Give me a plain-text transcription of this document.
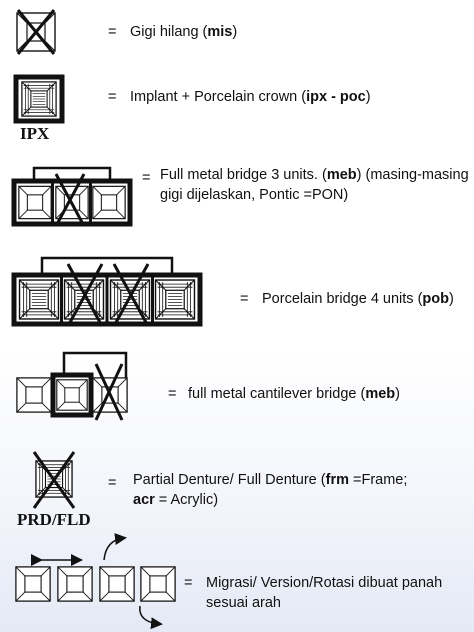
= Gigi hilang (mis)
IPX
= Implant + Porcelain crown (ipx - poc)
= Full metal bridge 3 units. (meb) (masing-masing
gigi dijelaskan, Pontic =PON)
= Porcelain bridge 4 units (pob)
= full metal cantilever bridge (meb)
PRD/FLD
= Partial Denture/ Full Denture (frm =Frame;
acr = Acrylic)
= Migrasi/ Version/Rotasi dibuat panah
sesuai arah
